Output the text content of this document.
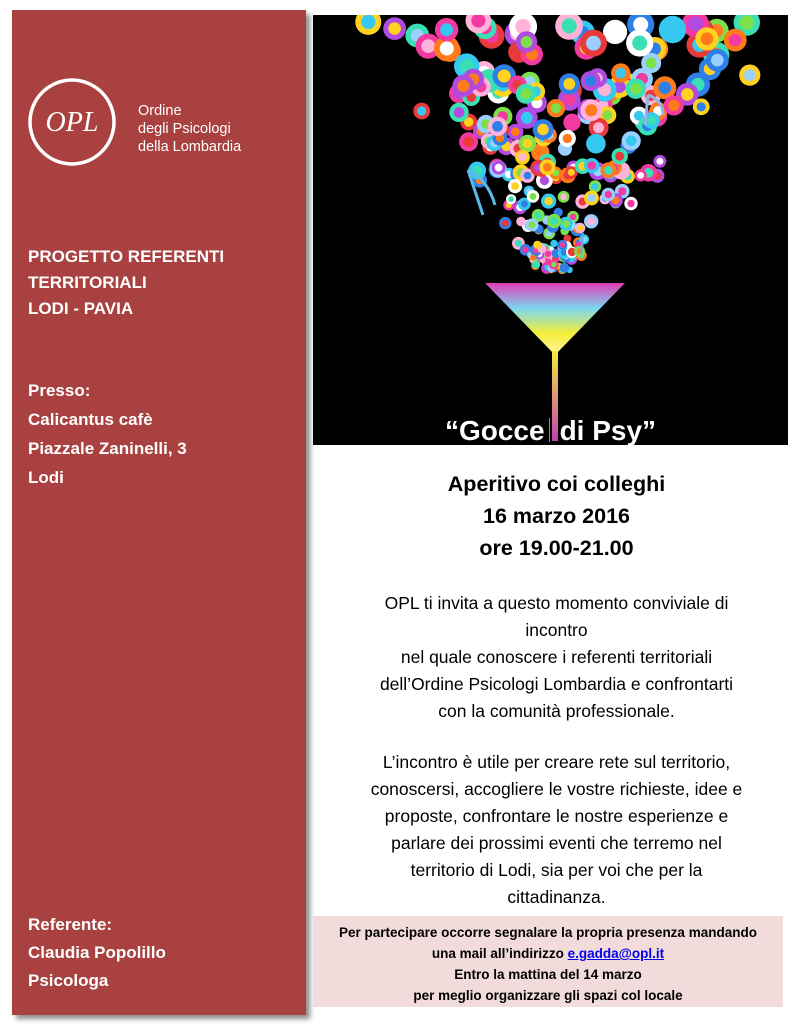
OPL	Ordine
degli Psicologi
della Lombardia
PROGETTO REFERENTI
TERRITORIALI
LODI - PAVIA
Presso:
Calicantus cafè
Piazzale Zaninelli, 3
Lodi
Referente:
Claudia Popolillo
Psicologa
“Gocce di Psy”
Aperitivo coi colleghi
16 marzo 2016
ore 19.00-21.00
OPL ti invita a questo momento conviviale di
incontro
nel quale conoscere i referenti territoriali
dell’Ordine Psicologi Lombardia e confrontarti
con la comunità professionale.
L’incontro è utile per creare rete sul territorio,
conoscersi, accogliere le vostre richieste, idee e
proposte, confrontare le nostre esperienze e
parlare dei prossimi eventi che terremo nel
territorio di Lodi, sia per voi che per la
cittadinanza.
Per partecipare occorre segnalare la propria presenza mandando
una mail all’indirizzo e.gadda@opl.it
Entro la mattina del 14 marzo
per meglio organizzare gli spazi col locale
